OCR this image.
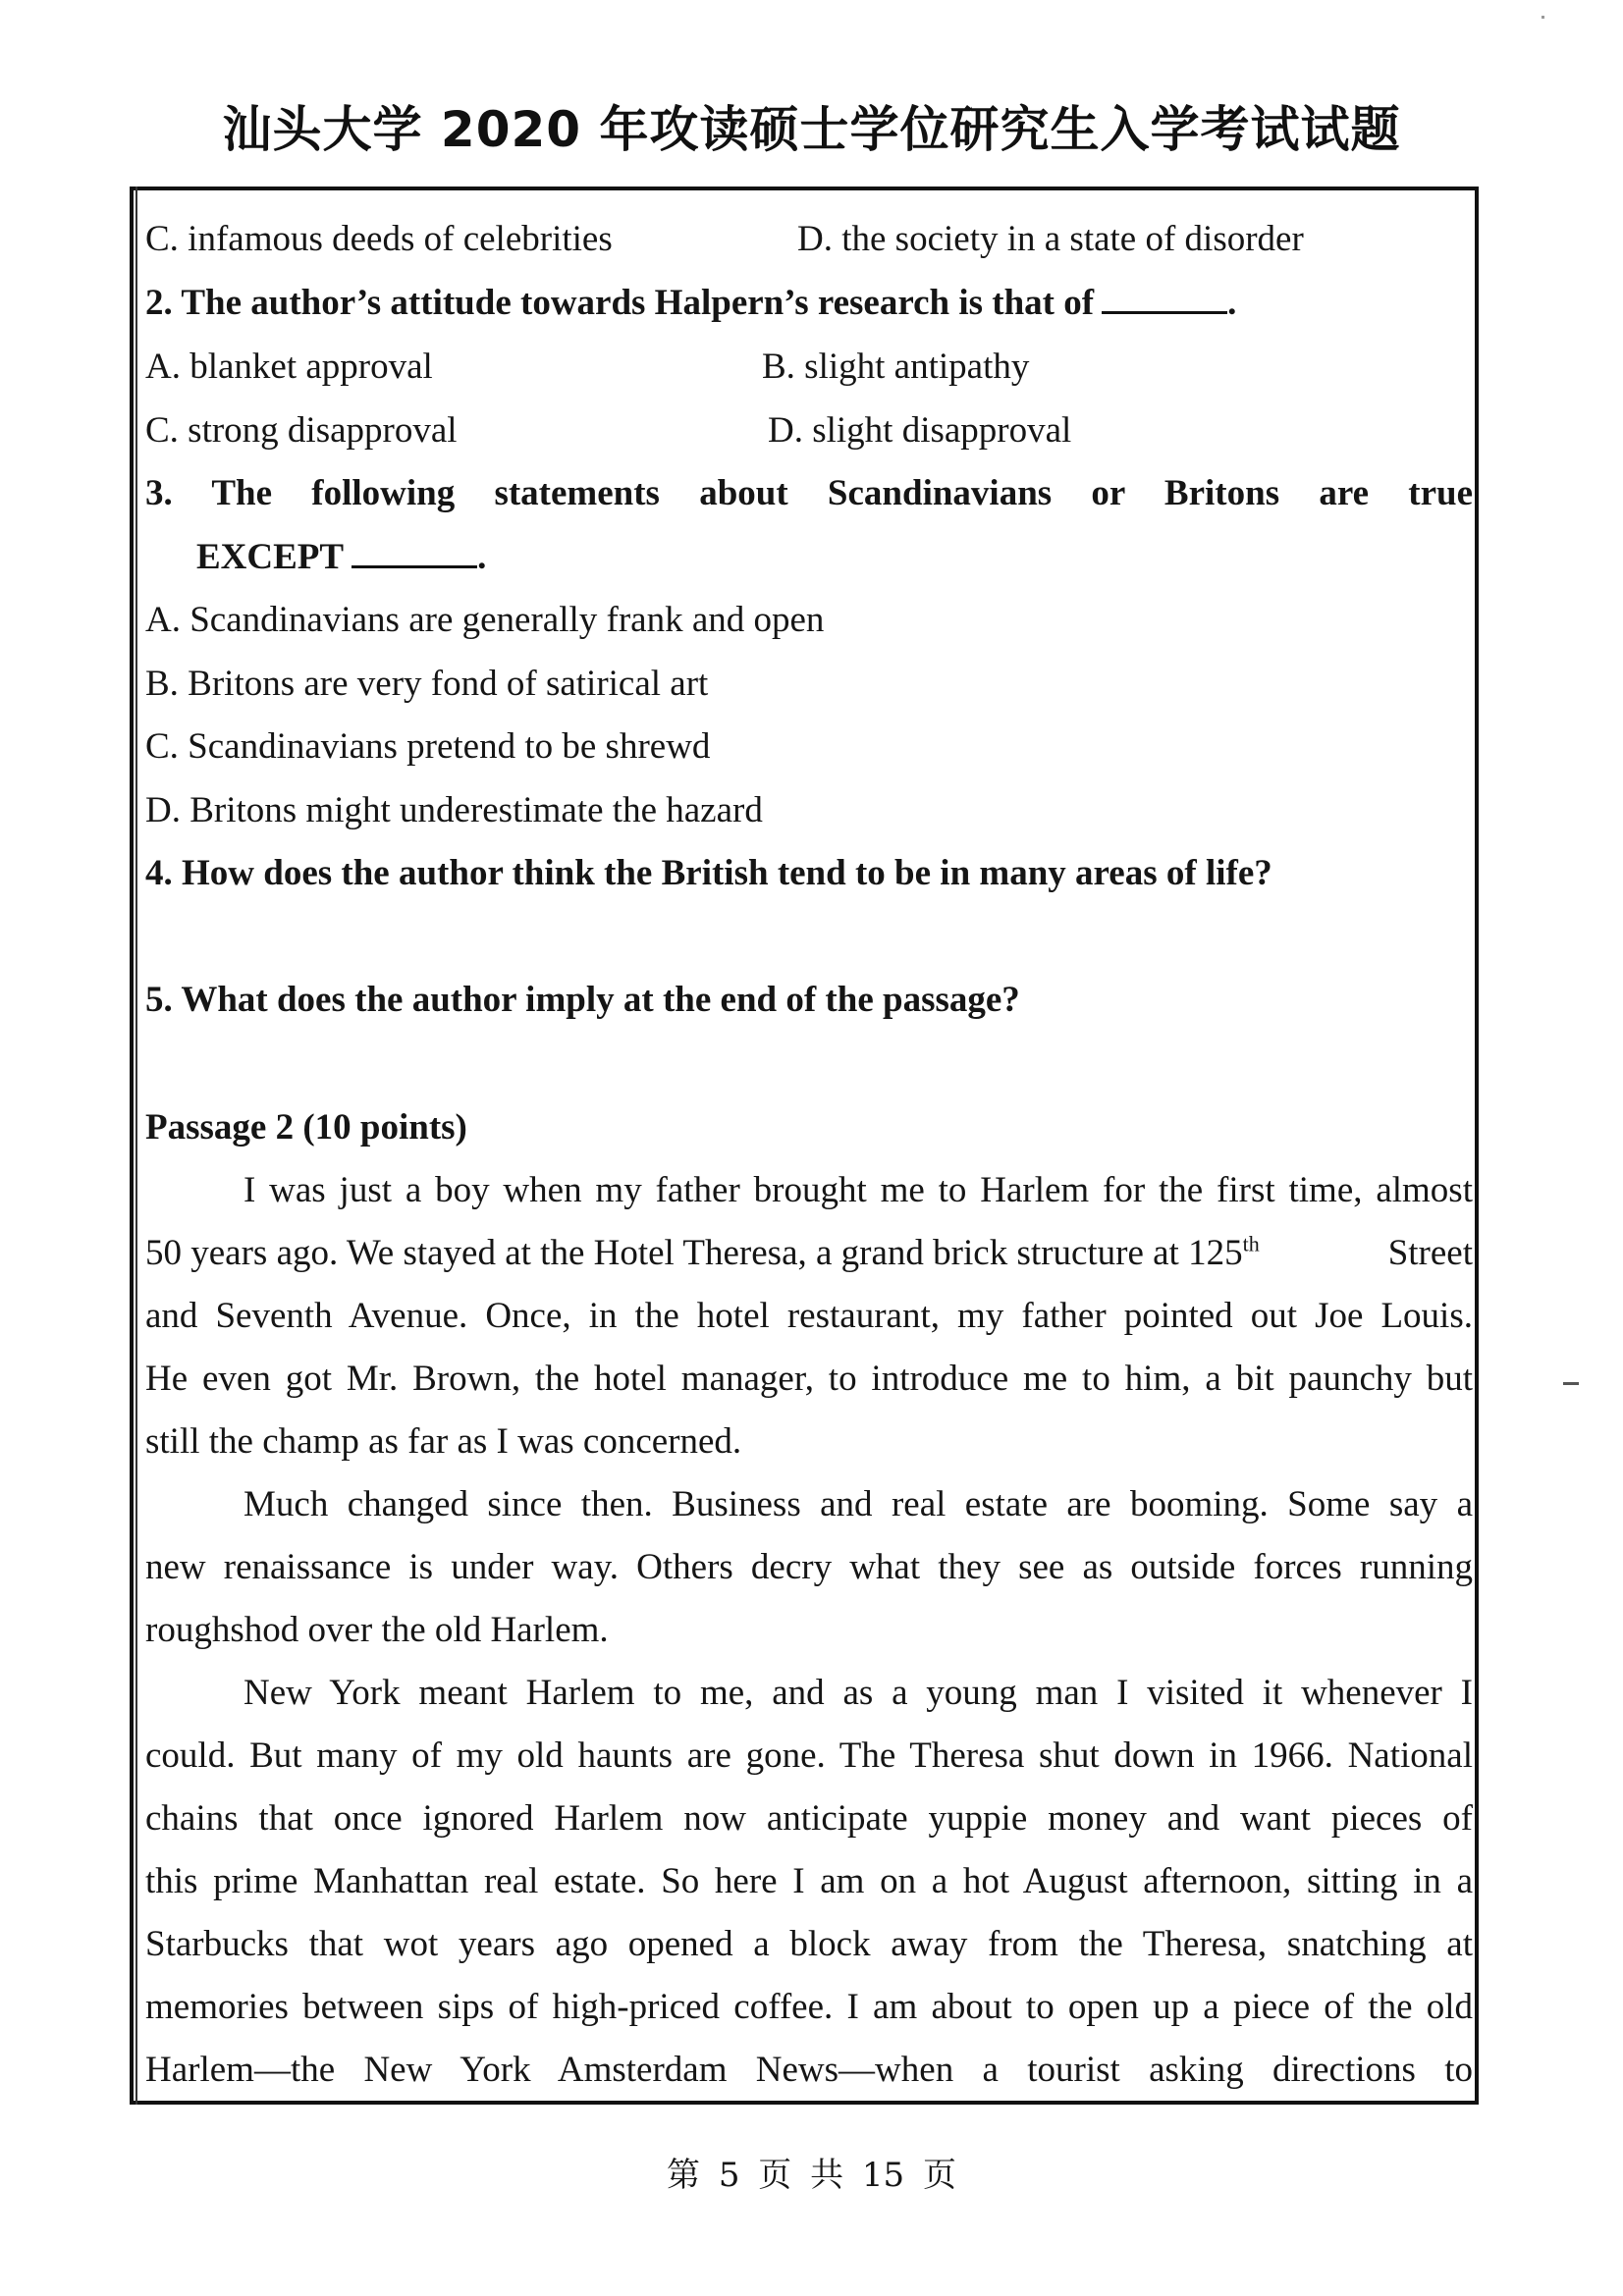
汕头大学 2020 年攻读硕士学位研究生入学考试试题
C. infamous deeds of celebrities	D. the society in a state of disorder
2. The author’s attitude towards Halpern’s research is that of	.
A. blanket approval	B. slight antipathy
C. strong disapproval	D. slight disapproval
3. The following statements about Scandinavians or Britons are true
EXCEPT	.
A. Scandinavians are generally frank and open
B. Britons are very fond of satirical art
C. Scandinavians pretend to be shrewd
D. Britons might underestimate the hazard
4. How does the author think the British tend to be in many areas of life?
5. What does the author imply at the end of the passage?
Passage 2 (10 points)
I was just a boy when my father brought me to Harlem for the first time, almost
50 years ago. We stayed at the Hotel Theresa, a grand brick structure at 125th	Street
and Seventh Avenue. Once, in the hotel restaurant, my father pointed out Joe Louis.
He even got Mr. Brown, the hotel manager, to introduce me to him, a bit paunchy but
still the champ as far as I was concerned.
Much changed since then. Business and real estate are booming. Some say a
new renaissance is under way. Others decry what they see as outside forces running
roughshod over the old Harlem.
New York meant Harlem to me, and as a young man I visited it whenever I
could. But many of my old haunts are gone. The Theresa shut down in 1966. National
chains that once ignored Harlem now anticipate yuppie money and want pieces of
this prime Manhattan real estate. So here I am on a hot August afternoon, sitting in a
Starbucks that wot years ago opened a block away from the Theresa, snatching at
memories between sips of high-priced coffee. I am about to open up a piece of the old
Harlem—the New York Amsterdam News—when a tourist asking directions to
第 5 页 共 15 页
